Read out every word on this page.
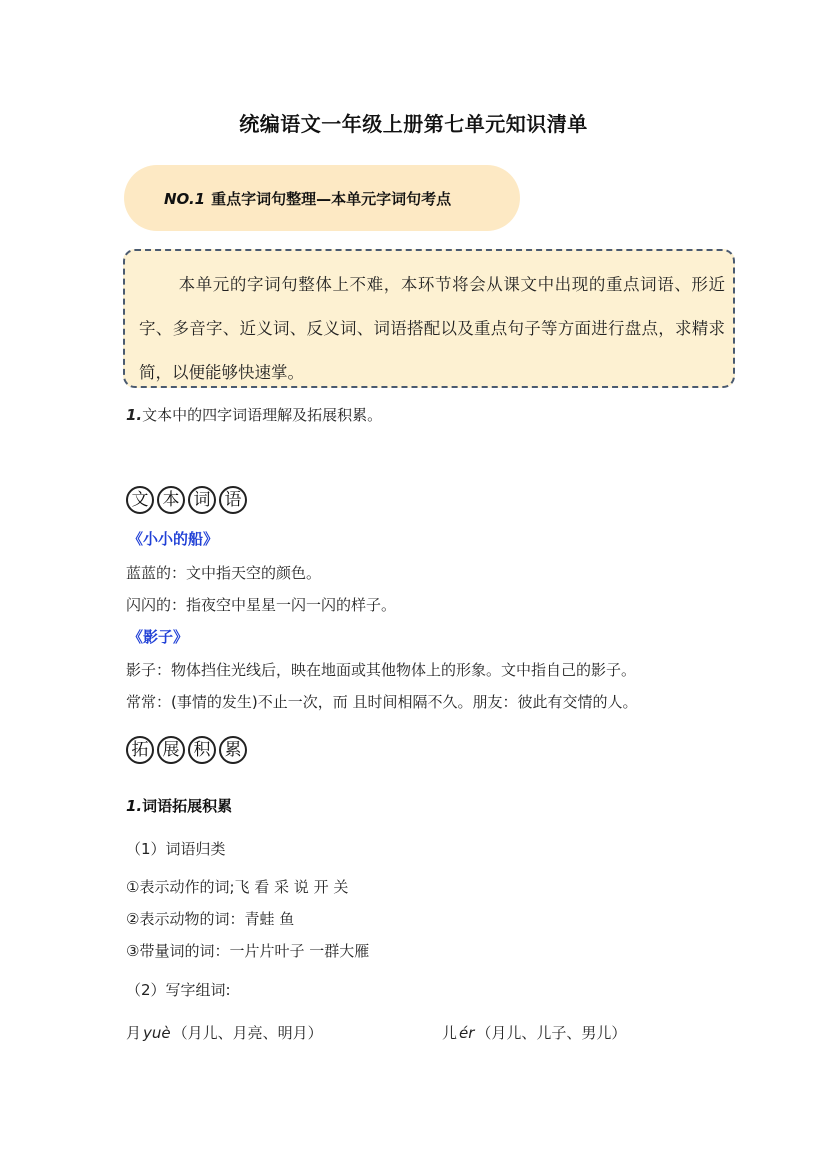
统编语文一年级上册第七单元知识清单
NO.1 重点字词句整理—本单元字词句考点
本单元的字词句整体上不难，本环节将会从课文中出现的重点词语、形近字、多音字、近义词、反义词、词语搭配以及重点句子等方面进行盘点，求精求简，以便能够快速掌。
1.文本中的四字词语理解及拓展积累。
文 本 词 语
《小小的船》
蓝蓝的：文中指天空的颜色。
闪闪的：指夜空中星星一闪一闪的样子。
《影子》
影子：物体挡住光线后，映在地面或其他物体上的形象。文中指自己的影子。
常常：(事情的发生)不止一次，而 且时间相隔不久。朋友：彼此有交情的人。
拓 展 积 累
1.词语拓展积累
（1）词语归类
①表示动作的词;飞 看 采 说 开 关
②表示动物的词：青蛙 鱼
③带量词的词：一片片叶子 一群大雁
（2）写字组词:
月 yuè （月儿、月亮、明月）	儿 ér （月儿、儿子、男儿）
